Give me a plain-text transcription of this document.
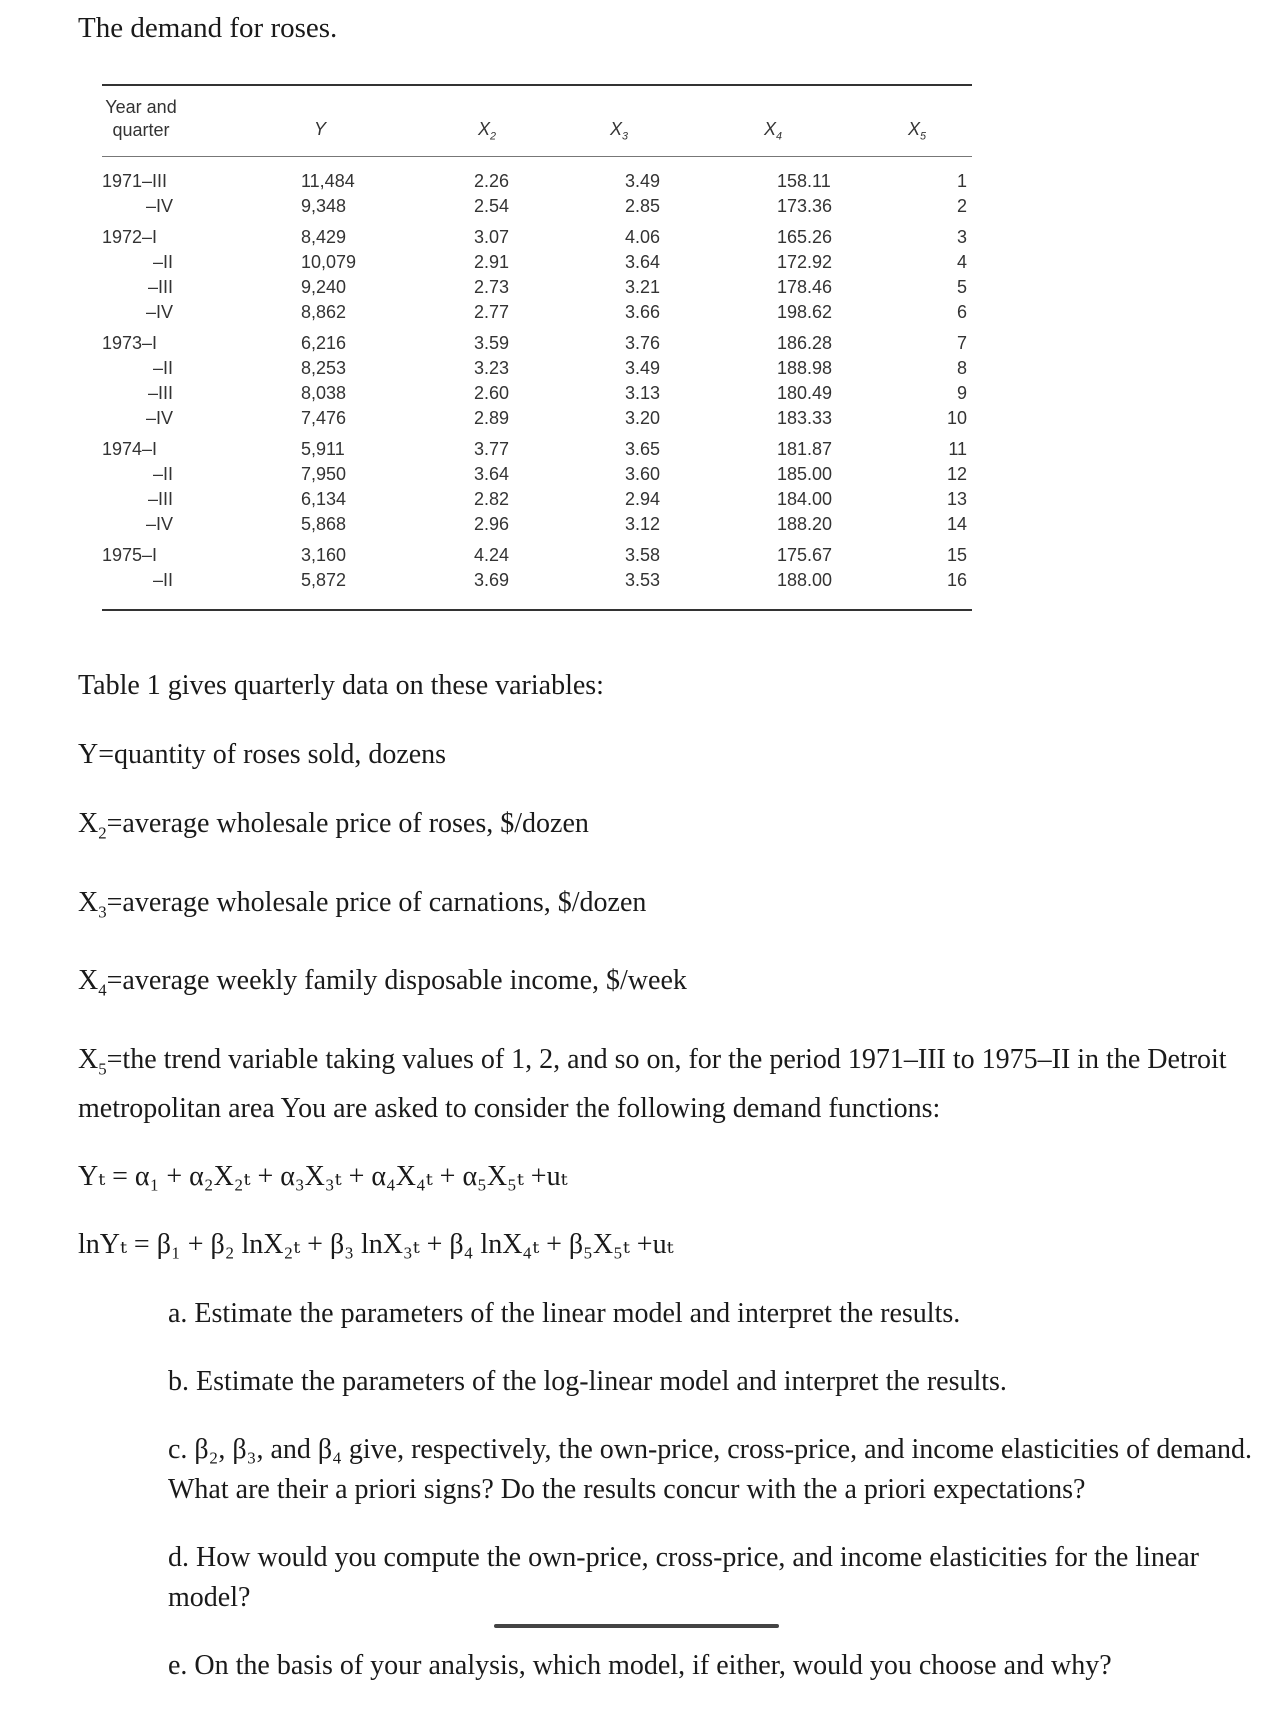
The demand for roses.
Year and
quarter	Y	$X_2$	$X_3$	$X_4$	$X_5$
1971–III	11,484	2.26	3.49	158.11	1
–IV	9,348	2.54	2.85	173.36	2
1972–I	8,429	3.07	4.06	165.26	3
–II	10,079	2.91	3.64	172.92	4
–III	9,240	2.73	3.21	178.46	5
–IV	8,862	2.77	3.66	198.62	6
1973–I	6,216	3.59	3.76	186.28	7
–II	8,253	3.23	3.49	188.98	8
–III	8,038	2.60	3.13	180.49	9
–IV	7,476	2.89	3.20	183.33	10
1974–I	5,911	3.77	3.65	181.87	11
–II	7,950	3.64	3.60	185.00	12
–III	6,134	2.82	2.94	184.00	13
–IV	5,868	2.96	3.12	188.20	14
1975–I	3,160	4.24	3.58	175.67	15
–II	5,872	3.69	3.53	188.00	16

Table 1 gives quarterly data on these variables:

Y=quantity of roses sold, dozens

$X_2=average$ wholesale price of roses, $/dozen

$X_3=average$ wholesale price of carnations, $/dozen

$X_4=average$ weekly family disposable income, $/week

$X_5=the$ trend variable taking values of 1, 2, and so on, for the period 1971–III to 1975–II in the Detroit metropolitan area You are asked to consider the following demand functions:

Yₜ = α₁ + α₂X₂ₜ + α₃X₃ₜ + α₄X₄ₜ + α₅X₅ₜ +uₜ

lnYₜ = β₁ + β₂ lnX₂ₜ + β₃ lnX₃ₜ + β₄ lnX₄ₜ + β₅X₅ₜ +uₜ

a. Estimate the parameters of the linear model and interpret the results.

b. Estimate the parameters of the log-linear model and interpret the results.

c. β₂, β₃, and β₄ give, respectively, the own-price, cross-price, and income elasticities of demand. What are their a priori signs? Do the results concur with the a priori expectations?

d. How would you compute the own-price, cross-price, and income elasticities for the linear model?

e. On the basis of your analysis, which model, if either, would you choose and why?
